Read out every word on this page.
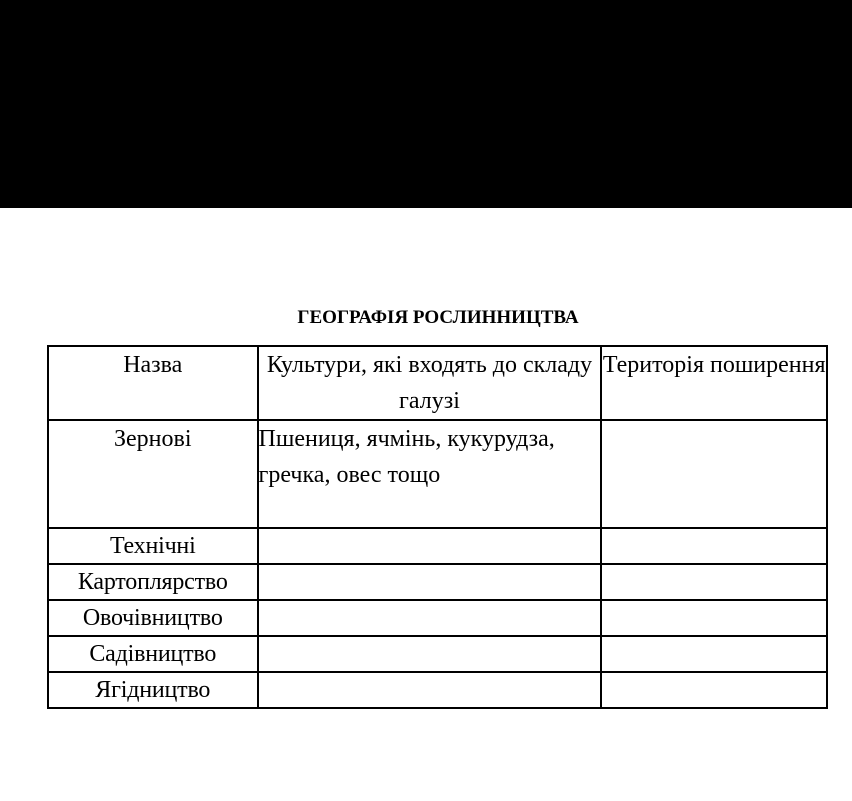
ГЕОГРАФІЯ РОСЛИННИЦТВА
Назва	Культури, які входять до складу галузі	Територія поширення
Зернові	Пшениця, ячмінь, кукурудза, гречка, овес тощо	
Технічні		
Картоплярство		
Овочівництво		
Садівництво		
Ягідництво		
